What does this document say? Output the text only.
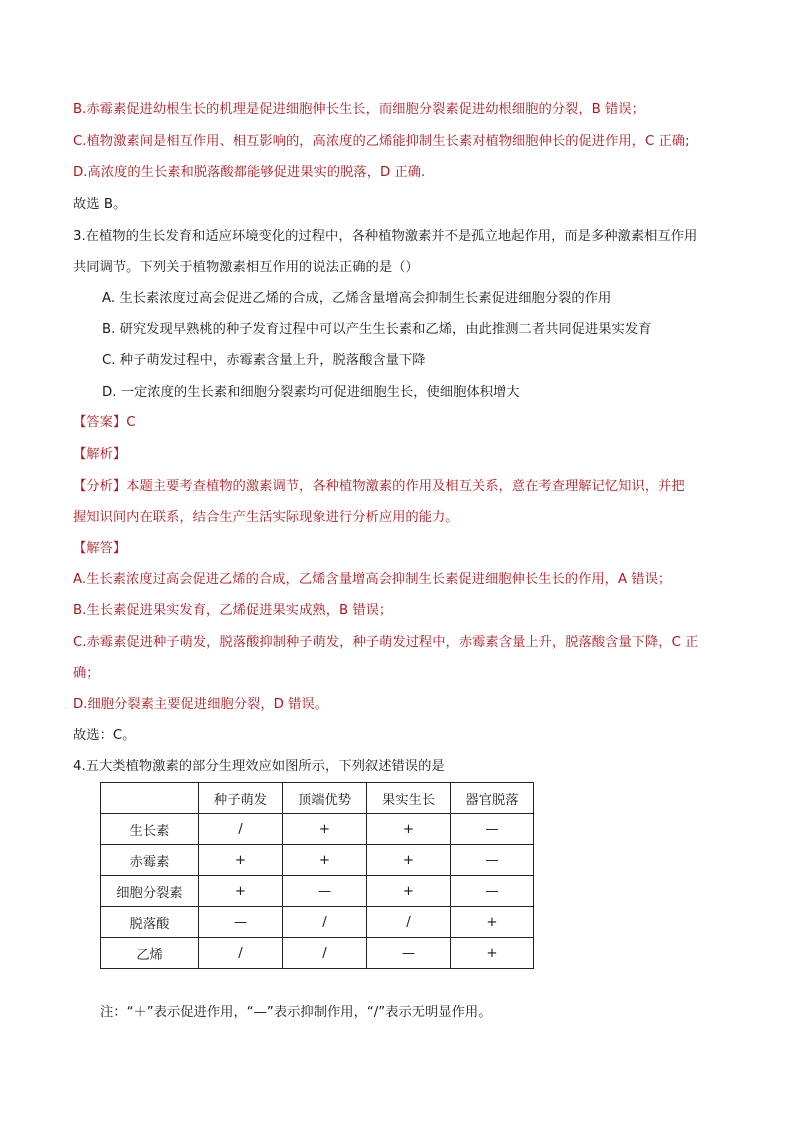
B.赤霉素促进幼根生长的机理是促进细胞伸长生长，而细胞分裂素促进幼根细胞的分裂，B 错误；
C.植物激素间是相互作用、相互影响的，高浓度的乙烯能抑制生长素对植物细胞伸长的促进作用，C 正确;
D.高浓度的生长素和脱落酸都能够促进果实的脱落，D 正确.
故选 B。
3.在植物的生长发育和适应环境变化的过程中，各种植物激素并不是孤立地起作用，而是多种激素相互作用
共同调节。下列关于植物激素相互作用的说法正确的是（）
A. 生长素浓度过高会促进乙烯的合成，乙烯含量增高会抑制生长素促进细胞分裂的作用
B. 研究发现早熟桃的种子发育过程中可以产生生长素和乙烯，由此推测二者共同促进果实发育
C. 种子萌发过程中，赤霉素含量上升，脱落酸含量下降
D. 一定浓度的生长素和细胞分裂素均可促进细胞生长，使细胞体积增大
【答案】C
【解析】
【分析】本题主要考查植物的激素调节，各种植物激素的作用及相互关系，意在考查理解记忆知识，并把
握知识间内在联系，结合生产生活实际现象进行分析应用的能力。
【解答】
A.生长素浓度过高会促进乙烯的合成，乙烯含量增高会抑制生长素促进细胞伸长生长的作用，A 错误；
B.生长素促进果实发育，乙烯促进果实成熟，B 错误；
C.赤霉素促进种子萌发，脱落酸抑制种子萌发，种子萌发过程中，赤霉素含量上升，脱落酸含量下降，C 正
确；
D.细胞分裂素主要促进细胞分裂，D 错误。
故选：C。
4.五大类植物激素的部分生理效应如图所示，下列叙述错误的是
	种子萌发	顶端优势	果实生长	器官脱落
生长素	/	+	+	—
赤霉素	+	+	+	—
细胞分裂素	+	—	+	—
脱落酸	—	/	/	+
乙烯	/	/	—	+
注：“＋”表示促进作用，“—”表示抑制作用，“/”表示无明显作用。
